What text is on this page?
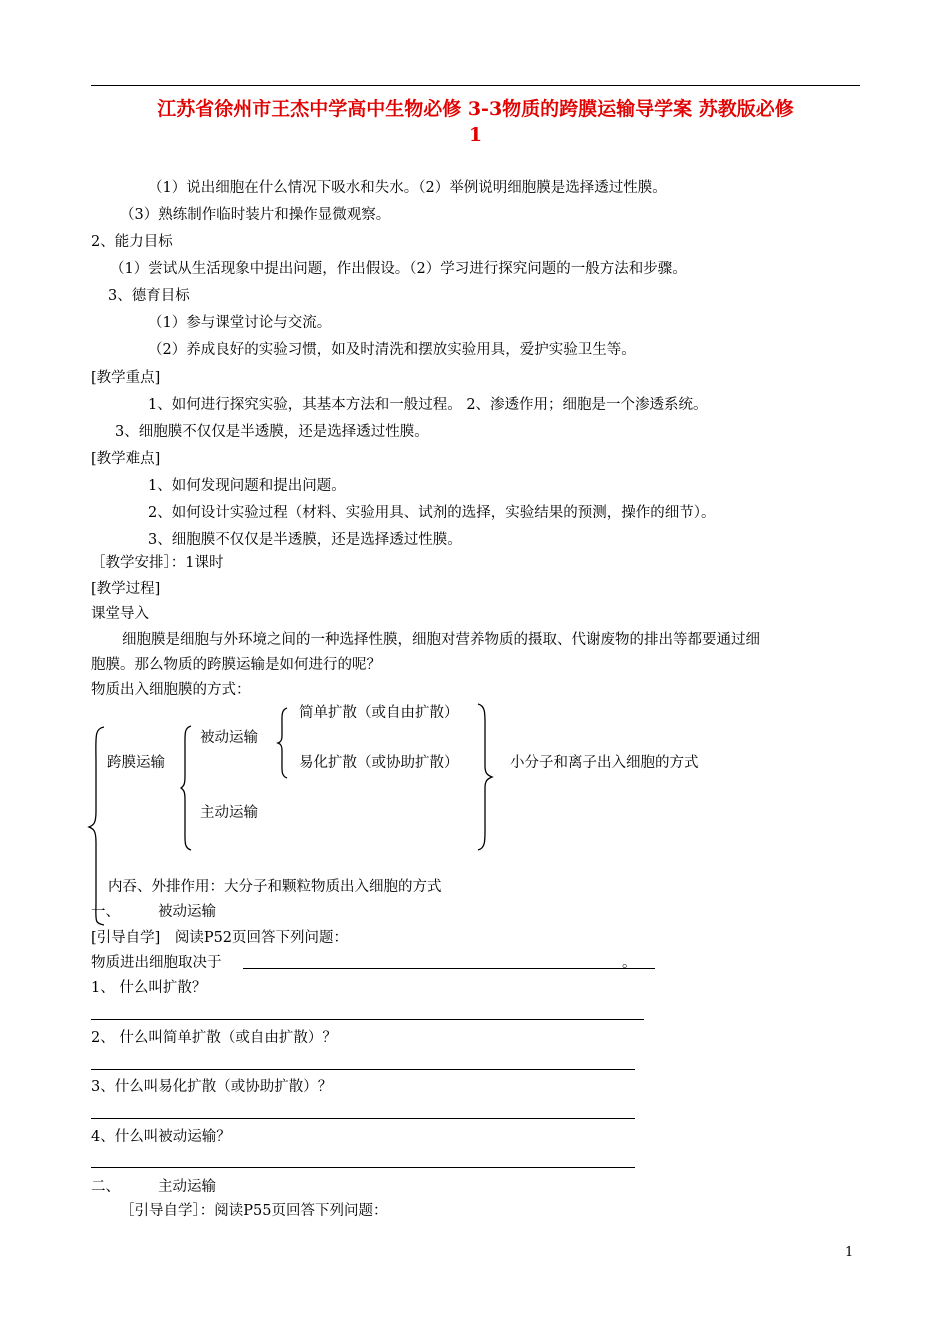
江苏省徐州市王杰中学高中生物必修 3-3物质的跨膜运输导学案 苏教版必修
1
（1）说出细胞在什么情况下吸水和失水。（2）举例说明细胞膜是选择透过性膜。
（3）熟练制作临时装片和操作显微观察。
2、能力目标
（1）尝试从生活现象中提出问题，作出假设。（2）学习进行探究问题的一般方法和步骤。
3、德育目标
（1）参与课堂讨论与交流。
（2）养成良好的实验习惯，如及时清洗和摆放实验用具，爱护实验卫生等。
[教学重点]
1、如何进行探究实验，其基本方法和一般过程。 2、渗透作用；细胞是一个渗透系统。
3、细胞膜不仅仅是半透膜，还是选择透过性膜。
[教学难点]
1、如何发现问题和提出问题。
2、如何设计实验过程（材料、实验用具、试剂的选择，实验结果的预测，操作的细节）。
3、细胞膜不仅仅是半透膜，还是选择透过性膜。
［教学安排］：1课时
[教学过程]
课堂导入
细胞膜是细胞与外环境之间的一种选择性膜，细胞对营养物质的摄取、代谢废物的排出等都要通过细
胞膜。那么物质的跨膜运输是如何进行的呢？
物质出入细胞膜的方式：
跨膜运输
被动运输
简单扩散（或自由扩散）
易化扩散（或协助扩散）
主动运输
小分子和离子出入细胞的方式
内吞、外排作用：大分子和颗粒物质出入细胞的方式
一、	被动运输
[引导自学]　阅读P52页回答下列问题：
物质进出细胞取决于	。
1、 什么叫扩散？
2、 什么叫简单扩散（或自由扩散）？
3、什么叫易化扩散（或协助扩散）？
4、什么叫被动运输？
二、	主动运输
［引导自学］：阅读P55页回答下列问题：
1
